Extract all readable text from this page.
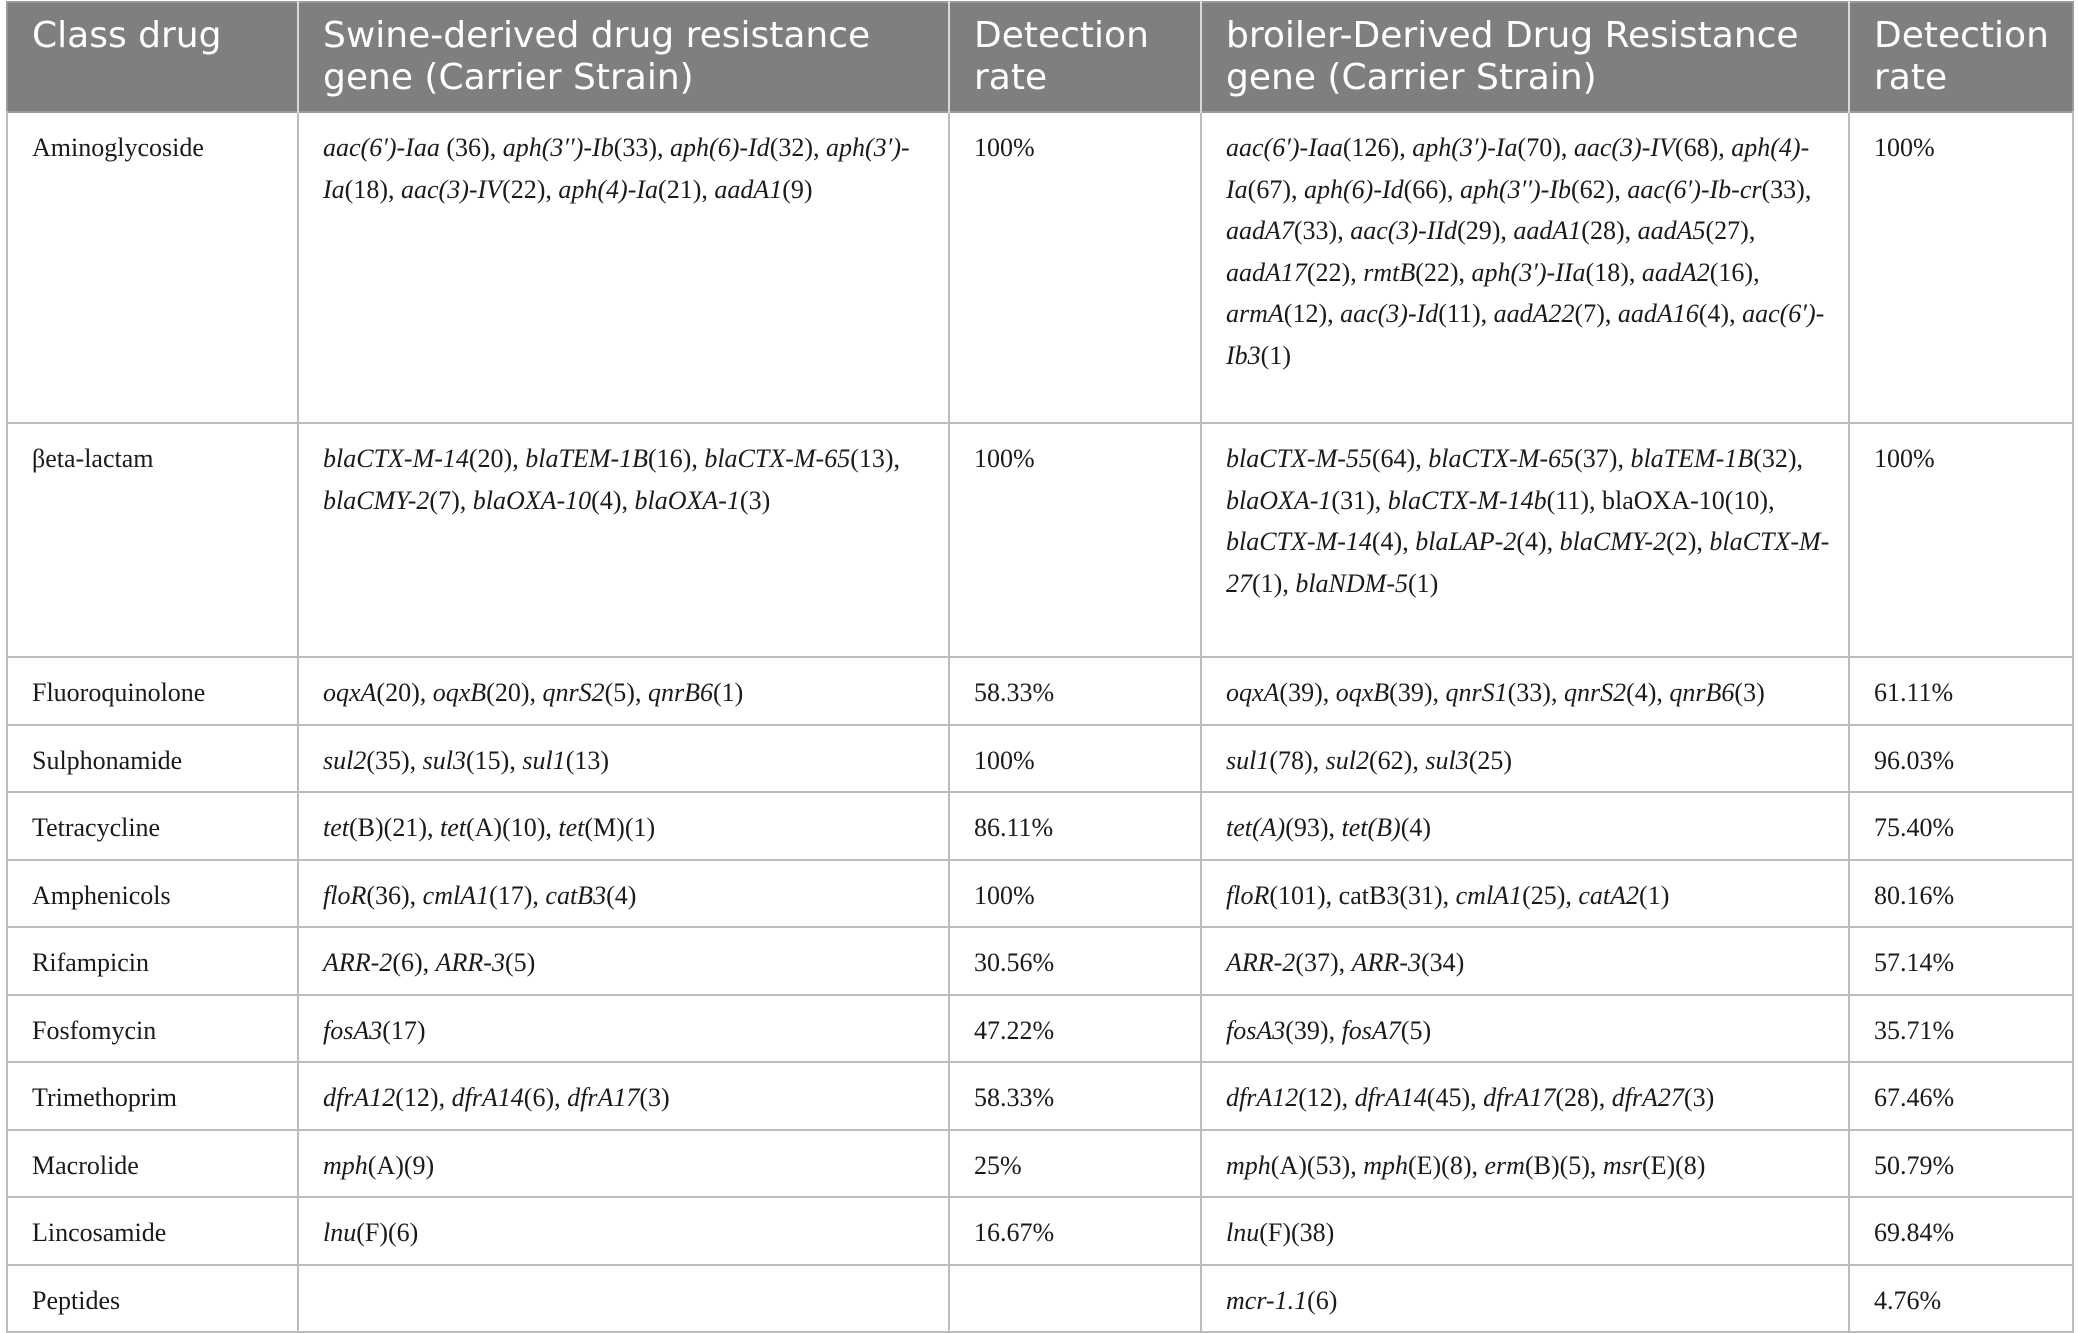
Class drug	Swine-derived drug resistance gene (Carrier Strain)	Detection rate	broiler-Derived Drug Resistance gene (Carrier Strain)	Detection rate
Aminoglycoside	aac(6′)-Iaa (36), aph(3′′)-Ib(33), aph(6)-Id(32), aph(3′)-Ia(18), aac(3)-IV(22), aph(4)-Ia(21), aadA1(9)	100%	aac(6′)-Iaa(126), aph(3′)-Ia(70), aac(3)-IV(68), aph(4)-Ia(67), aph(6)-Id(66), aph(3′′)-Ib(62), aac(6′)-Ib-cr(33), aadA7(33), aac(3)-IId(29), aadA1(28), aadA5(27), aadA17(22), rmtB(22), aph(3′)-IIa(18), aadA2(16), armA(12), aac(3)-Id(11), aadA22(7), aadA16(4), aac(6′)-Ib3(1)	100%
βeta-lactam	blaCTX-M-14(20), blaTEM-1B(16), blaCTX-M-65(13), blaCMY-2(7), blaOXA-10(4), blaOXA-1(3)	100%	blaCTX-M-55(64), blaCTX-M-65(37), blaTEM-1B(32), blaOXA-1(31), blaCTX-M-14b(11), blaOXA-10(10), blaCTX-M-14(4), blaLAP-2(4), blaCMY-2(2), blaCTX-M-27(1), blaNDM-5(1)	100%
Fluoroquinolone	oqxA(20), oqxB(20), qnrS2(5), qnrB6(1)	58.33%	oqxA(39), oqxB(39), qnrS1(33), qnrS2(4), qnrB6(3)	61.11%
Sulphonamide	sul2(35), sul3(15), sul1(13)	100%	sul1(78), sul2(62), sul3(25)	96.03%
Tetracycline	tet(B)(21), tet(A)(10), tet(M)(1)	86.11%	tet(A)(93), tet(B)(4)	75.40%
Amphenicols	floR(36), cmlA1(17), catB3(4)	100%	floR(101), catB3(31), cmlA1(25), catA2(1)	80.16%
Rifampicin	ARR-2(6), ARR-3(5)	30.56%	ARR-2(37), ARR-3(34)	57.14%
Fosfomycin	fosA3(17)	47.22%	fosA3(39), fosA7(5)	35.71%
Trimethoprim	dfrA12(12), dfrA14(6), dfrA17(3)	58.33%	dfrA12(12), dfrA14(45), dfrA17(28), dfrA27(3)	67.46%
Macrolide	mph(A)(9)	25%	mph(A)(53), mph(E)(8), erm(B)(5), msr(E)(8)	50.79%
Lincosamide	lnu(F)(6)	16.67%	lnu(F)(38)	69.84%
Peptides			mcr-1.1(6)	4.76%
